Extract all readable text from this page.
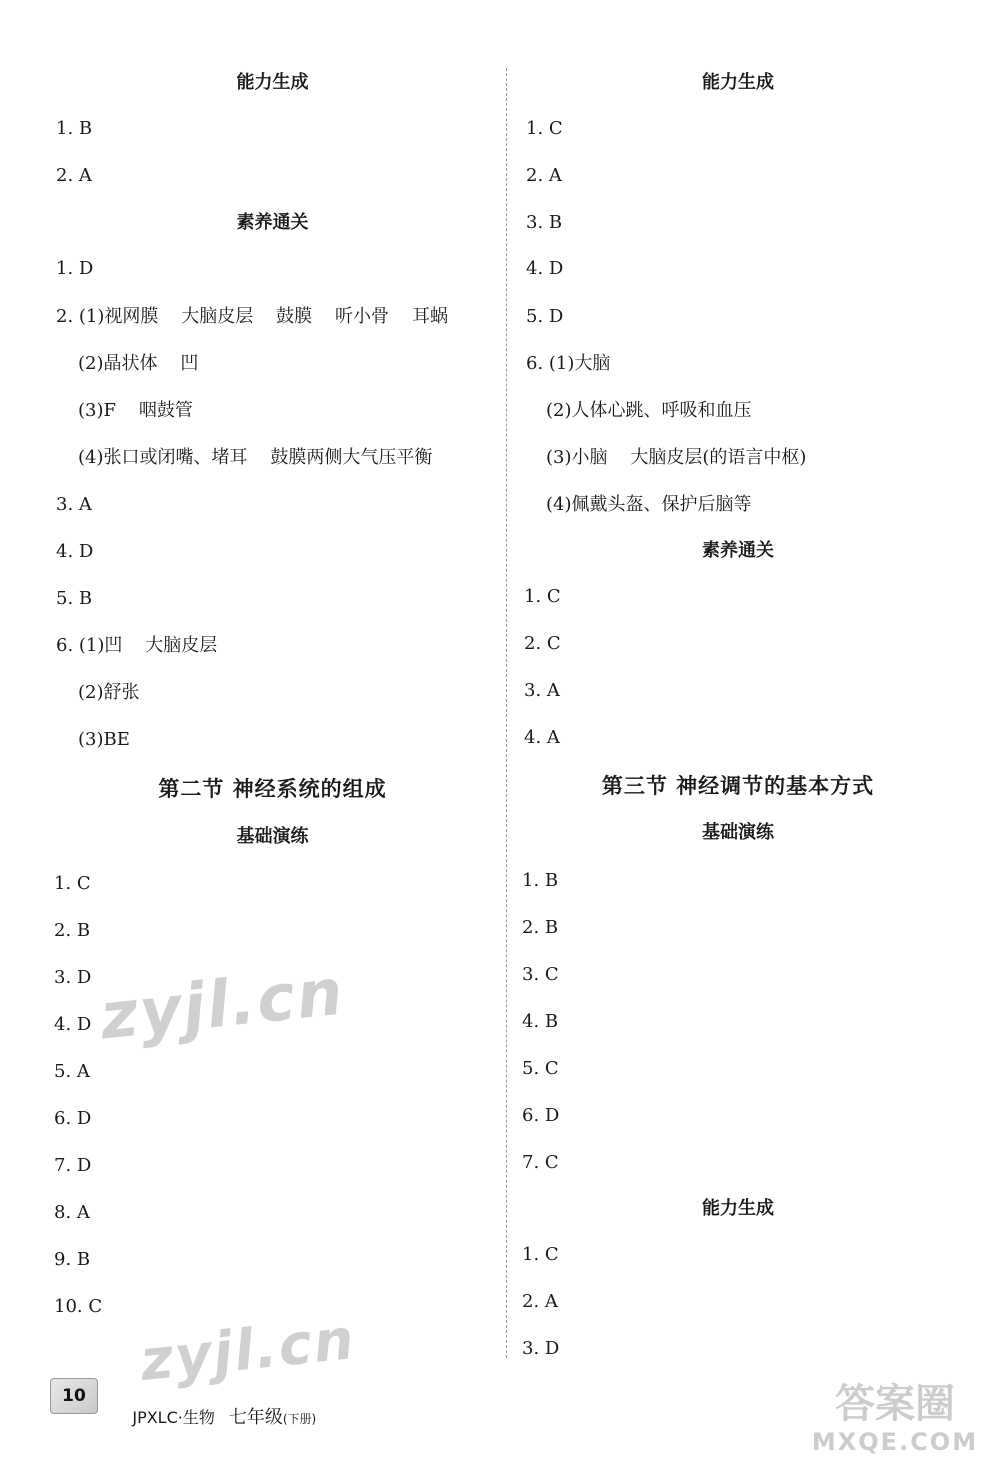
能力生成
1. B
2. A
素养通关
1. D
2. (1)视网膜    大脑皮层    鼓膜    听小骨    耳蜗
(2)晶状体    凹
(3)F    咽鼓管
(4)张口或闭嘴、堵耳    鼓膜两侧大气压平衡
3. A
4. D
5. B
6. (1)凹    大脑皮层
(2)舒张
(3)BE
第二节 神经系统的组成
基础演练
1. C
2. B
3. D
4. D
5. A
6. D
7. D
8. A
9. B
10. C
能力生成
1. C
2. A
3. B
4. D
5. D
6. (1)大脑
(2)人体心跳、呼吸和血压
(3)小脑    大脑皮层(的语言中枢)
(4)佩戴头盔、保护后脑等
素养通关
1. C
2. C
3. A
4. A
第三节 神经调节的基本方式
基础演练
1. B
2. B
3. C
4. B
5. C
6. D
7. C
能力生成
1. C
2. A
3. D
zyjl.cn
zyjl.cn
10

JPXLC·生物 七年级(下册)
	答案圈
MXQE.COM
